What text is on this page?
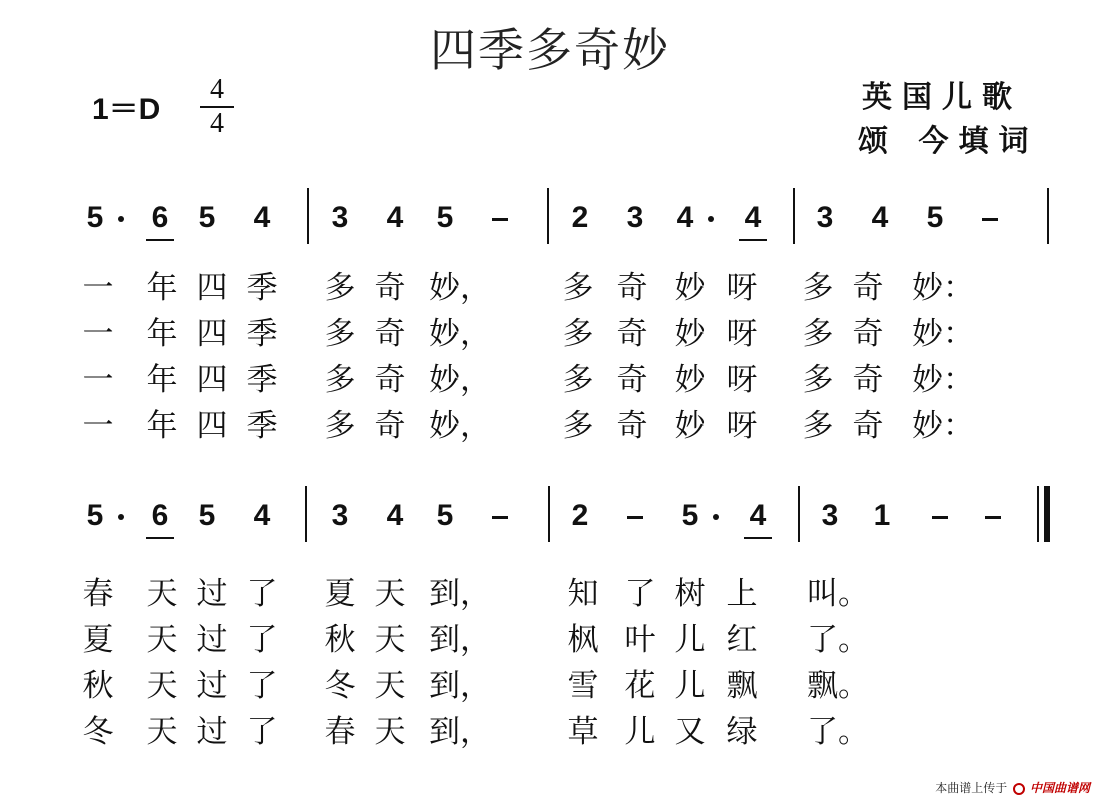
四季多奇妙
1＝D
4
4
英国儿歌
颂 今填词
5 6 5 4 3 4 5	2 3 4 4 3 4 5
一 年 四 季 多 奇 妙， 多 奇 妙 呀 多 奇 妙：
一 年 四 季 多 奇 妙， 多 奇 妙 呀 多 奇 妙：
一 年 四 季 多 奇 妙， 多 奇 妙 呀 多 奇 妙：
一 年 四 季 多 奇 妙， 多 奇 妙 呀 多 奇 妙：
5 6 5 4 3 4 5	2	5 4 3 1
春 天 过 了 夏 天 到， 知 了 树 上 叫。
夏 天 过 了 秋 天 到， 枫 叶 儿 红 了。
秋 天 过 了 冬 天 到， 雪 花 儿 飘 飘。
冬 天 过 了 春 天 到， 草 儿 又 绿 了。
本曲谱上传于 中国曲谱网
